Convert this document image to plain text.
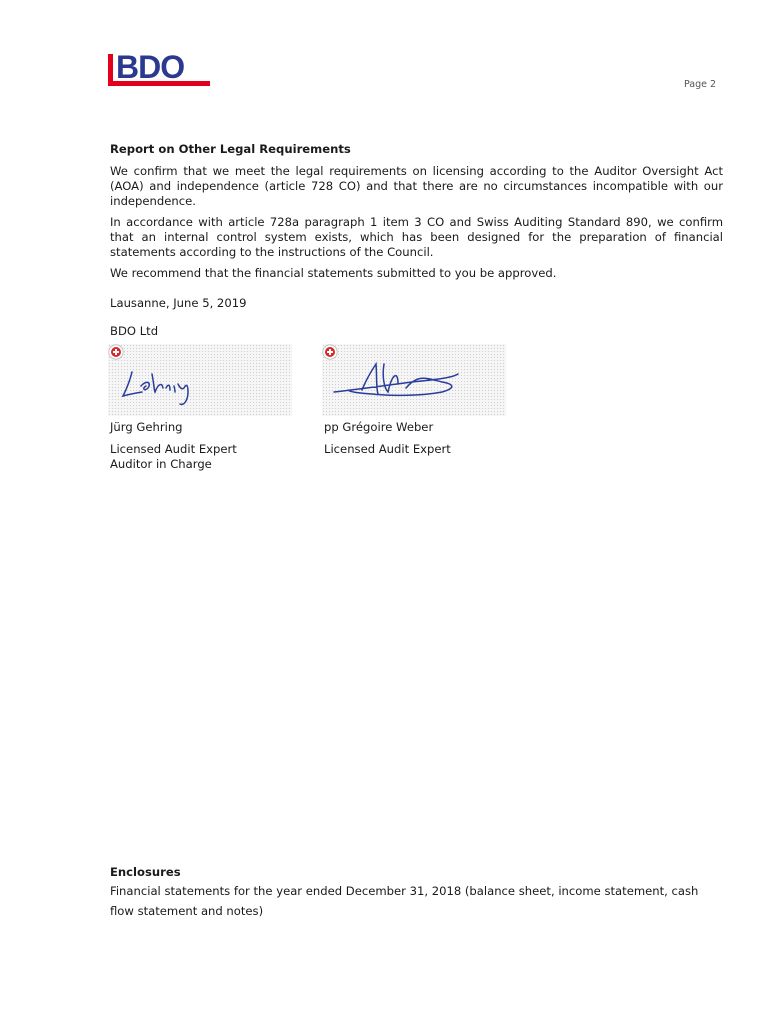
BDO	Page 2
Report on Other Legal Requirements
We confirm that we meet the legal requirements on licensing according to the Auditor Oversight Act (AOA) and independence (article 728 CO) and that there are no circumstances incompatible with our independence.
In accordance with article 728a paragraph 1 item 3 CO and Swiss Auditing Standard 890, we confirm that an internal control system exists, which has been designed for the preparation of financial statements according to the instructions of the Council.
We recommend that the financial statements submitted to you be approved.
Lausanne, June 5, 2019
BDO Ltd
Jürg Gehring
Licensed Audit Expert
Auditor in Charge
pp Grégoire Weber
Licensed Audit Expert
Enclosures
Financial statements for the year ended December 31, 2018 (balance sheet, income statement, cash
flow statement and notes)
